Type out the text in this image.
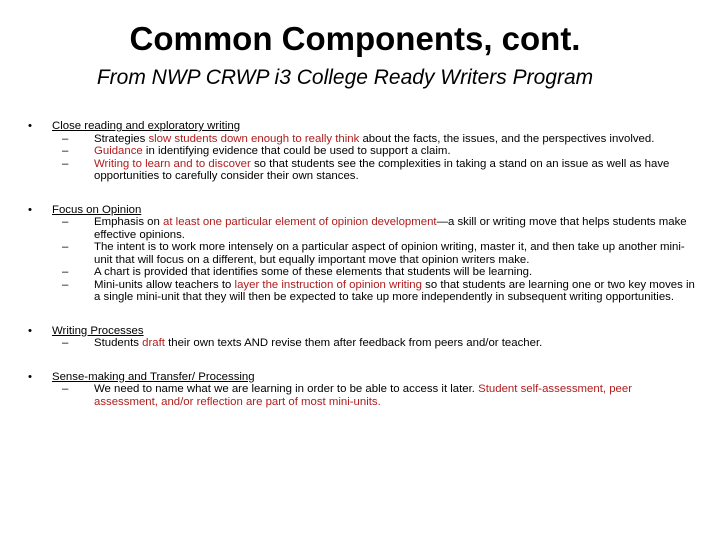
Common Components, cont.
From NWP CRWP i3 College Ready Writers Program
• Close reading and exploratory writing
– Strategies slow students down enough to really think about the facts, the issues, and the perspectives involved.
– Guidance in identifying evidence that could be used to support a claim.
– Writing to learn and to discover so that students see the complexities in taking a stand on an issue as well as have opportunities to carefully consider their own stances.
• Focus on Opinion
– Emphasis on at least one particular element of opinion development—a skill or writing move that helps students make effective opinions.
– The intent is to work more intensely on a particular aspect of opinion writing, master it, and then take up another mini-unit that will focus on a different, but equally important move that opinion writers make.
– A chart is provided that identifies some of these elements that students will be learning.
– Mini-units allow teachers to layer the instruction of opinion writing so that students are learning one or two key moves in a single mini-unit that they will then be expected to take up more independently in subsequent writing opportunities.
• Writing Processes
– Students draft their own texts AND revise them after feedback from peers and/or teacher.
• Sense-making and Transfer/ Processing
– We need to name what we are learning in order to be able to access it later. Student self-assessment, peer assessment, and/or reflection are part of most mini-units.
